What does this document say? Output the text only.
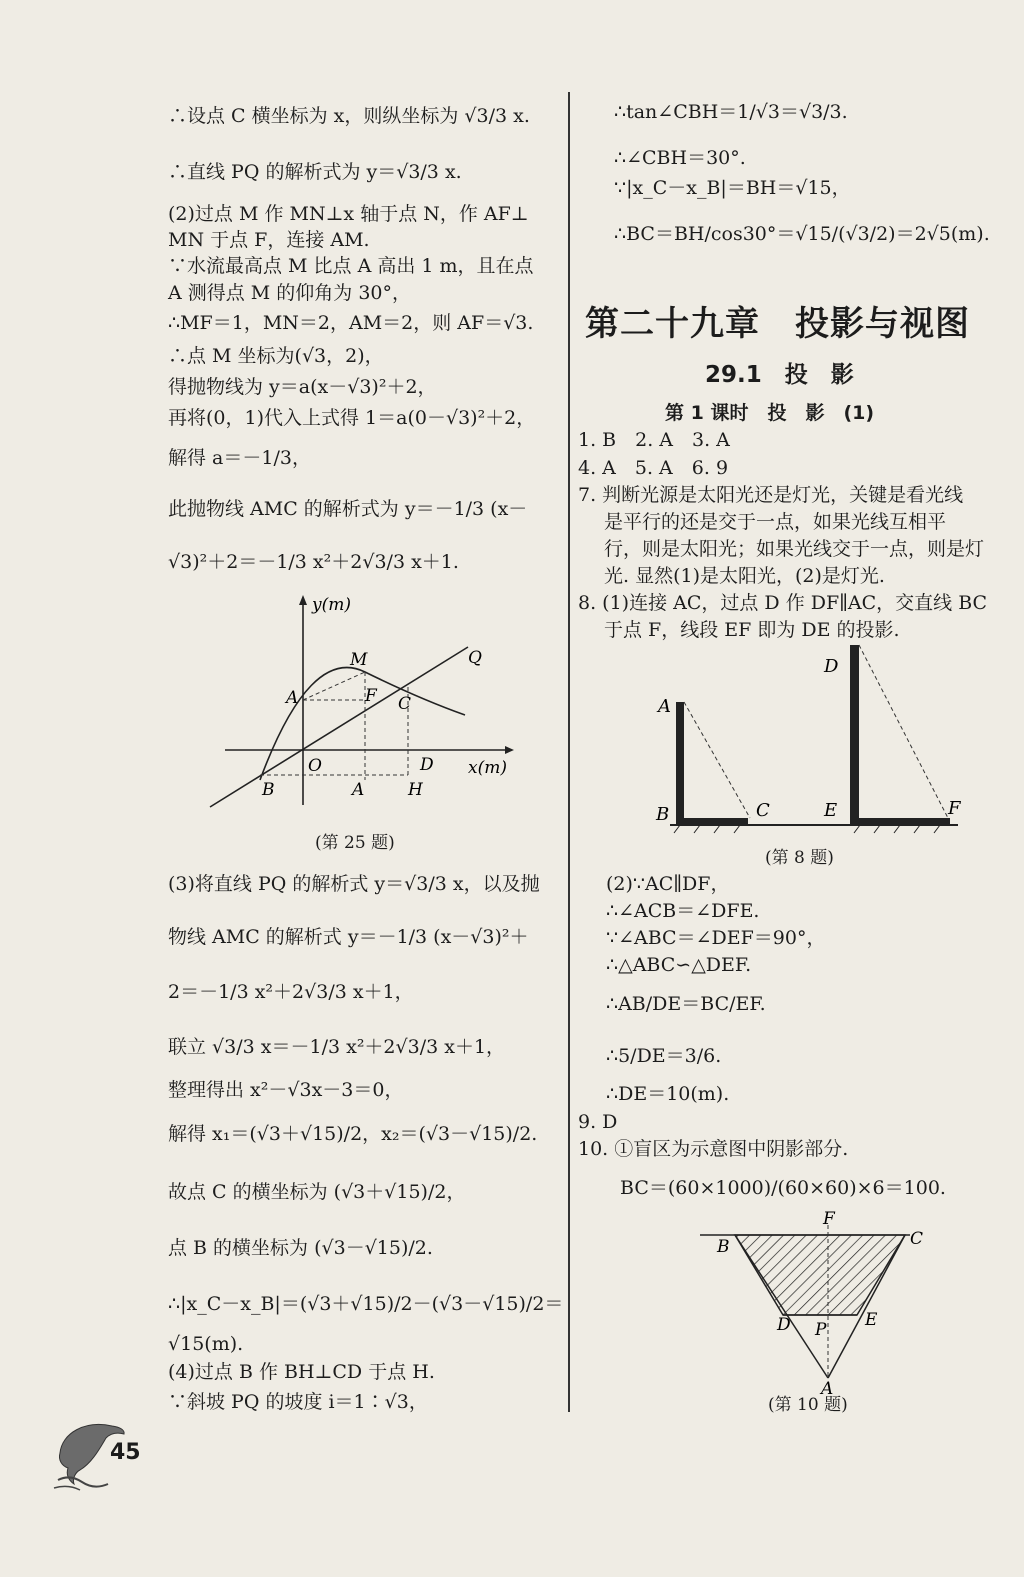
∴设点 C 横坐标为 x，则纵坐标为 √3/3 x.
∴直线 PQ 的解析式为 y＝√3/3 x.
(2)过点 M 作 MN⊥x 轴于点 N，作 AF⊥
MN 于点 F，连接 AM.
∵水流最高点 M 比点 A 高出 1 m，且在点
A 测得点 M 的仰角为 30°，
∴MF＝1，MN＝2，AM＝2，则 AF＝√3.
∴点 M 坐标为(√3，2)，
得抛物线为 y＝a(x－√3)²＋2，
再将(0，1)代入上式得 1＝a(0－√3)²＋2，
解得 a＝－1/3，
此抛物线 AMC 的解析式为 y＝－1/3 (x－
√3)²＋2＝－1/3 x²＋2√3/3 x＋1.
y(m)
M	Q
A	F C
O	D x(m)
B	A	H
(第 25 题)
(3)将直线 PQ 的解析式 y＝√3/3 x，以及抛
物线 AMC 的解析式 y＝－1/3 (x－√3)²＋
2＝－1/3 x²＋2√3/3 x＋1，
联立 √3/3 x＝－1/3 x²＋2√3/3 x＋1，
整理得出 x²－√3x－3＝0，
解得 x₁＝(√3＋√15)/2，x₂＝(√3－√15)/2.
故点 C 的横坐标为 (√3＋√15)/2，
点 B 的横坐标为 (√3－√15)/2.
∴|x_C－x_B|＝(√3＋√15)/2－(√3－√15)/2＝
√15(m).
(4)过点 B 作 BH⊥CD 于点 H.
∵斜坡 PQ 的坡度 i＝1∶√3，
∴tan∠CBH＝1/√3＝√3/3.
∴∠CBH＝30°.
∵|x_C－x_B|＝BH＝√15，
∴BC＝BH/cos30°＝√15/(√3/2)＝2√5(m).
第二十九章　投影与视图
29.1　投　影
第 1 课时　投　影　(1)
1. B　2. A　3. A
4. A　5. A　6. 9
7. 判断光源是太阳光还是灯光，关键是看光线
是平行的还是交于一点，如果光线互相平
行，则是太阳光；如果光线交于一点，则是灯
光. 显然(1)是太阳光，(2)是灯光.
8. (1)连接 AC，过点 D 作 DF∥AC，交直线 BC
于点 F，线段 EF 即为 DE 的投影.
D
A
B	C	E	F
(第 8 题)
(2)∵AC∥DF，
∴∠ACB＝∠DFE.
∵∠ABC＝∠DEF＝90°，
∴△ABC∽△DEF.
∴AB/DE＝BC/EF.
∴5/DE＝3/6.
∴DE＝10(m).
9. D
10. ①盲区为示意图中阴影部分.
BC＝(60×1000)/(60×60)×6＝100.
F
B	C
D P E
A
(第 10 题)
45
